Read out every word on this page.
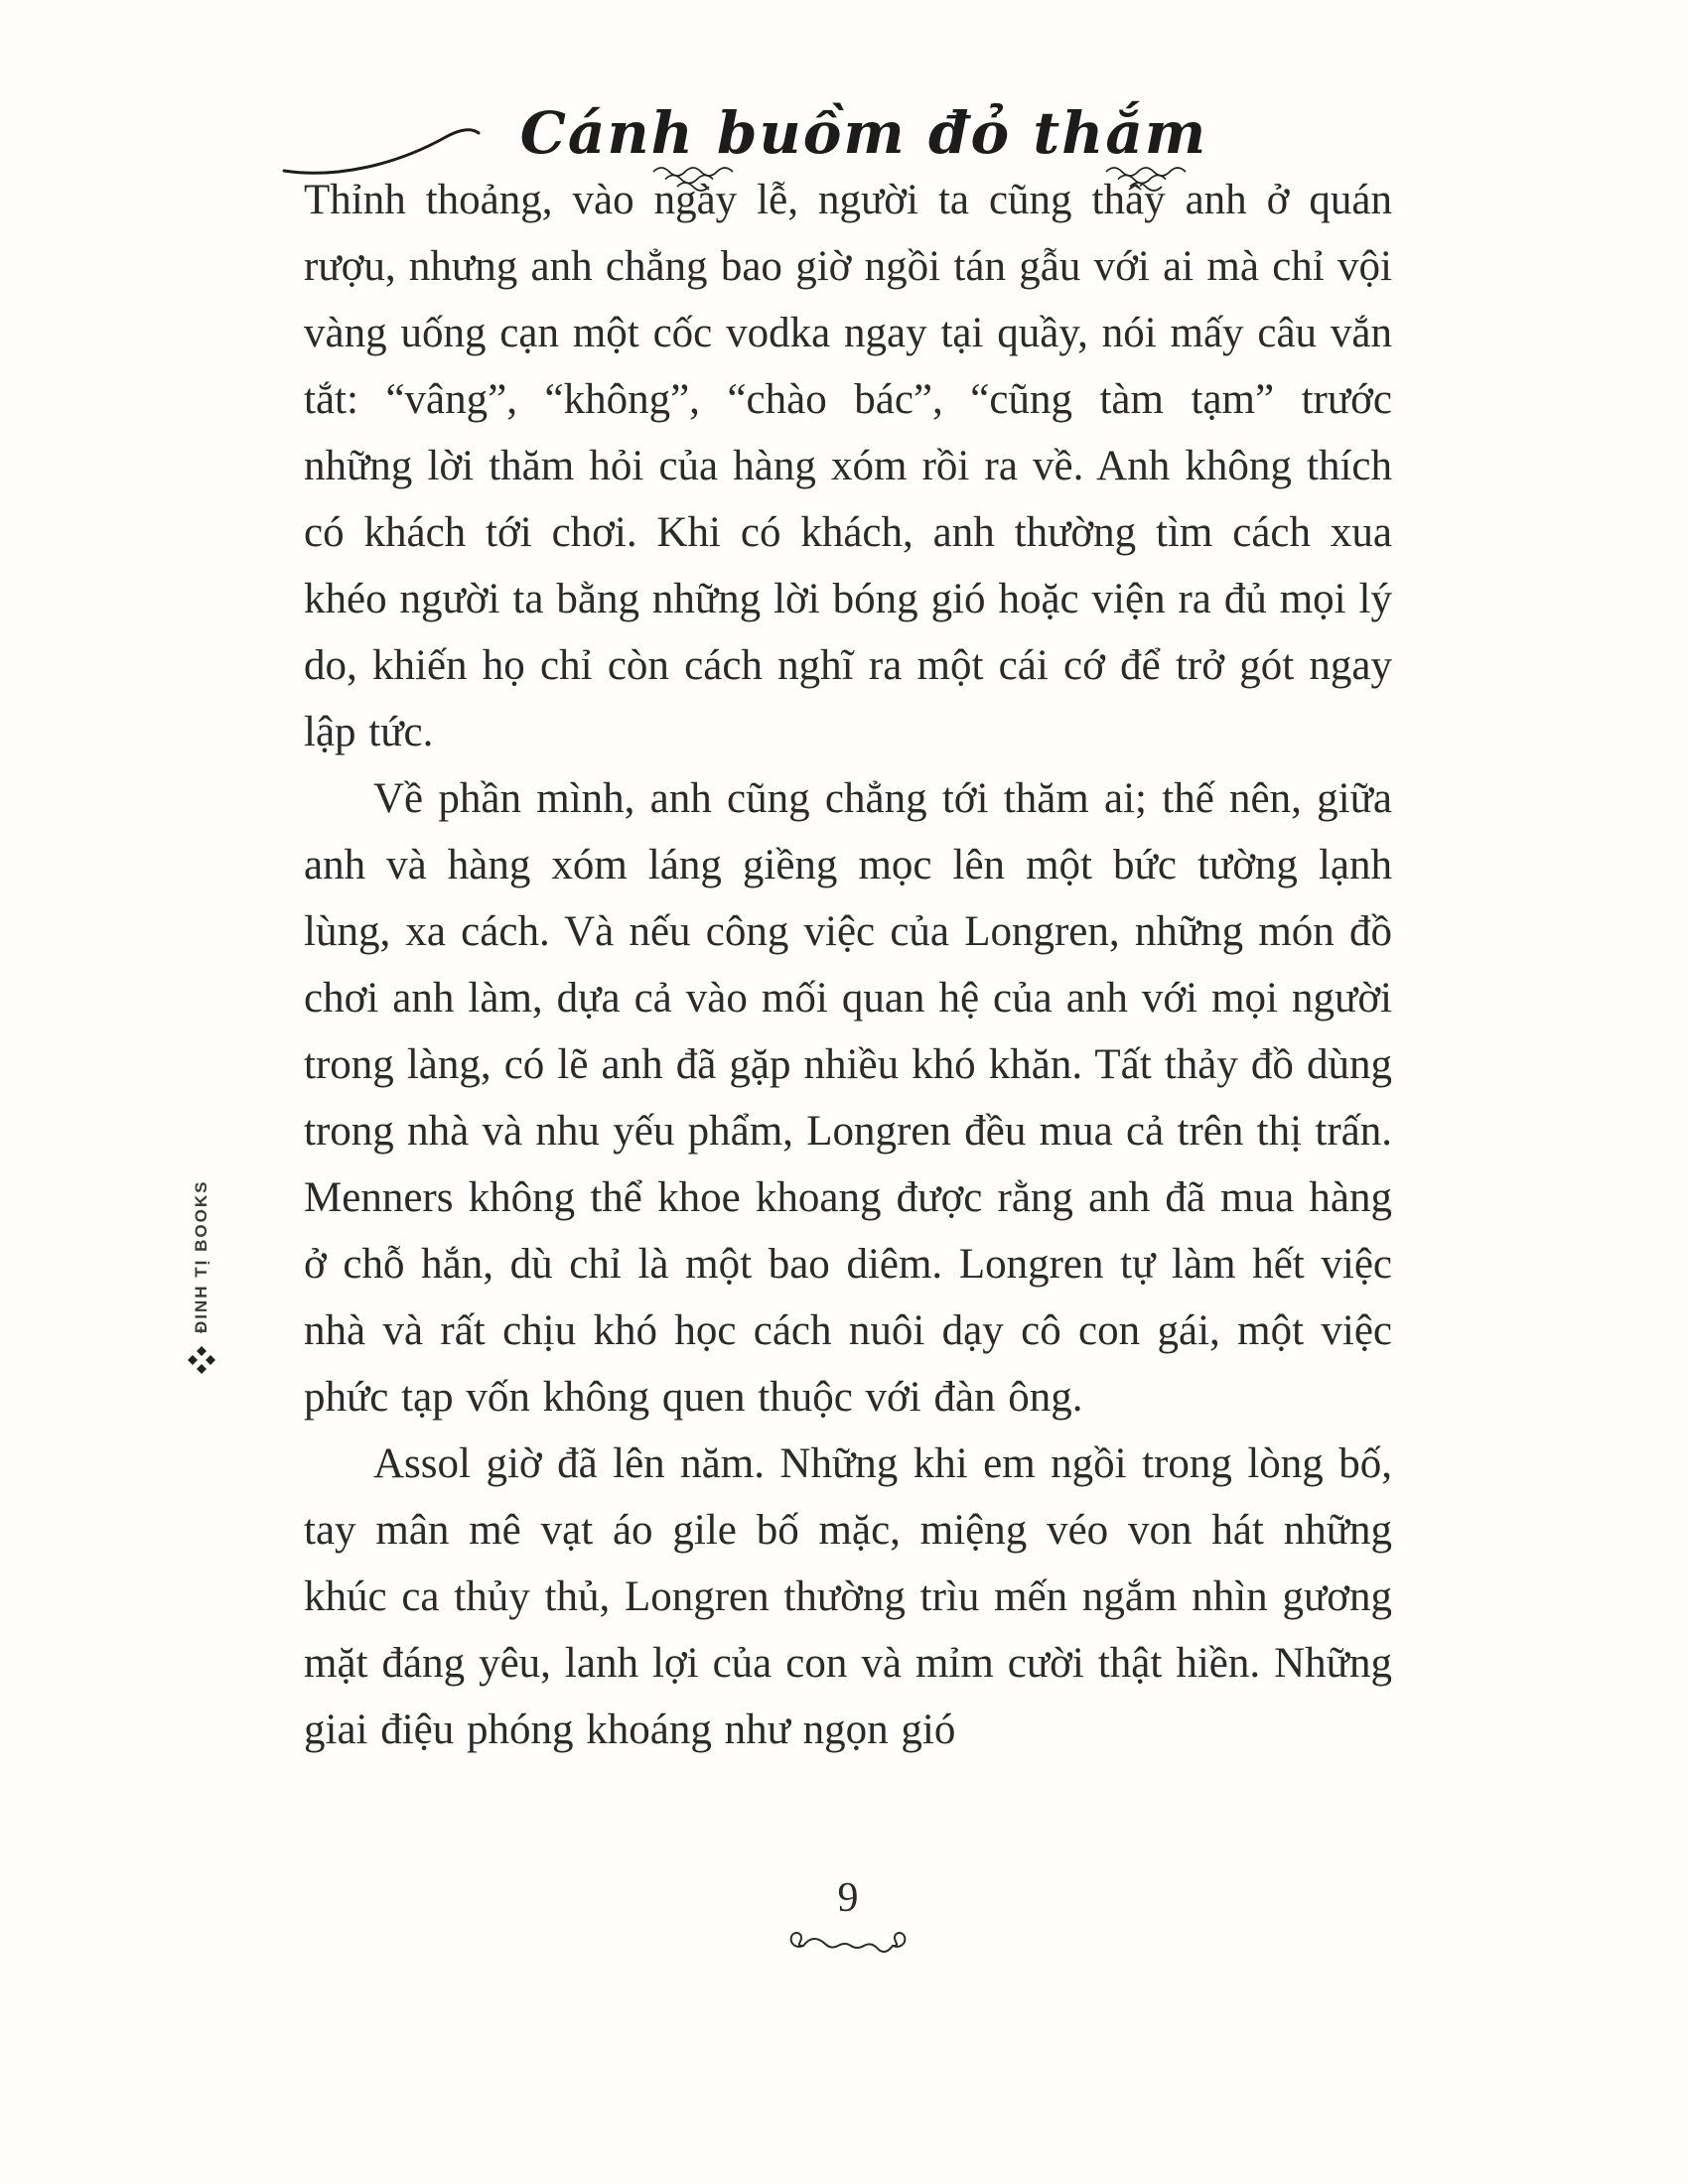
Cánh buồm đỏ thắm

Thỉnh thoảng, vào ngày lễ, người ta cũng thấy anh ở quán rượu, nhưng anh chẳng bao giờ ngồi tán gẫu với ai mà chỉ vội vàng uống cạn một cốc vodka ngay tại quầy, nói mấy câu vắn tắt: “vâng”, “không”, “chào bác”, “cũng tàm tạm” trước những lời thăm hỏi của hàng xóm rồi ra về. Anh không thích có khách tới chơi. Khi có khách, anh thường tìm cách xua khéo người ta bằng những lời bóng gió hoặc viện ra đủ mọi lý do, khiến họ chỉ còn cách nghĩ ra một cái cớ để trở gót ngay lập tức.

Về phần mình, anh cũng chẳng tới thăm ai; thế nên, giữa anh và hàng xóm láng giềng mọc lên một bức tường lạnh lùng, xa cách. Và nếu công việc của Longren, những món đồ chơi anh làm, dựa cả vào mối quan hệ của anh với mọi người trong làng, có lẽ anh đã gặp nhiều khó khăn. Tất thảy đồ dùng trong nhà và nhu yếu phẩm, Longren đều mua cả trên thị trấn. Menners không thể khoe khoang được rằng anh đã mua hàng ở chỗ hắn, dù chỉ là một bao diêm. Longren tự làm hết việc nhà và rất chịu khó học cách nuôi dạy cô con gái, một việc phức tạp vốn không quen thuộc với đàn ông.

Assol giờ đã lên năm. Những khi em ngồi trong lòng bố, tay mân mê vạt áo gile bố mặc, miệng véo von hát những khúc ca thủy thủ, Longren thường trìu mến ngắm nhìn gương mặt đáng yêu, lanh lợi của con và mỉm cười thật hiền. Những giai điệu phóng khoáng như ngọn gió

9
ĐINH TỊ BOOKS
